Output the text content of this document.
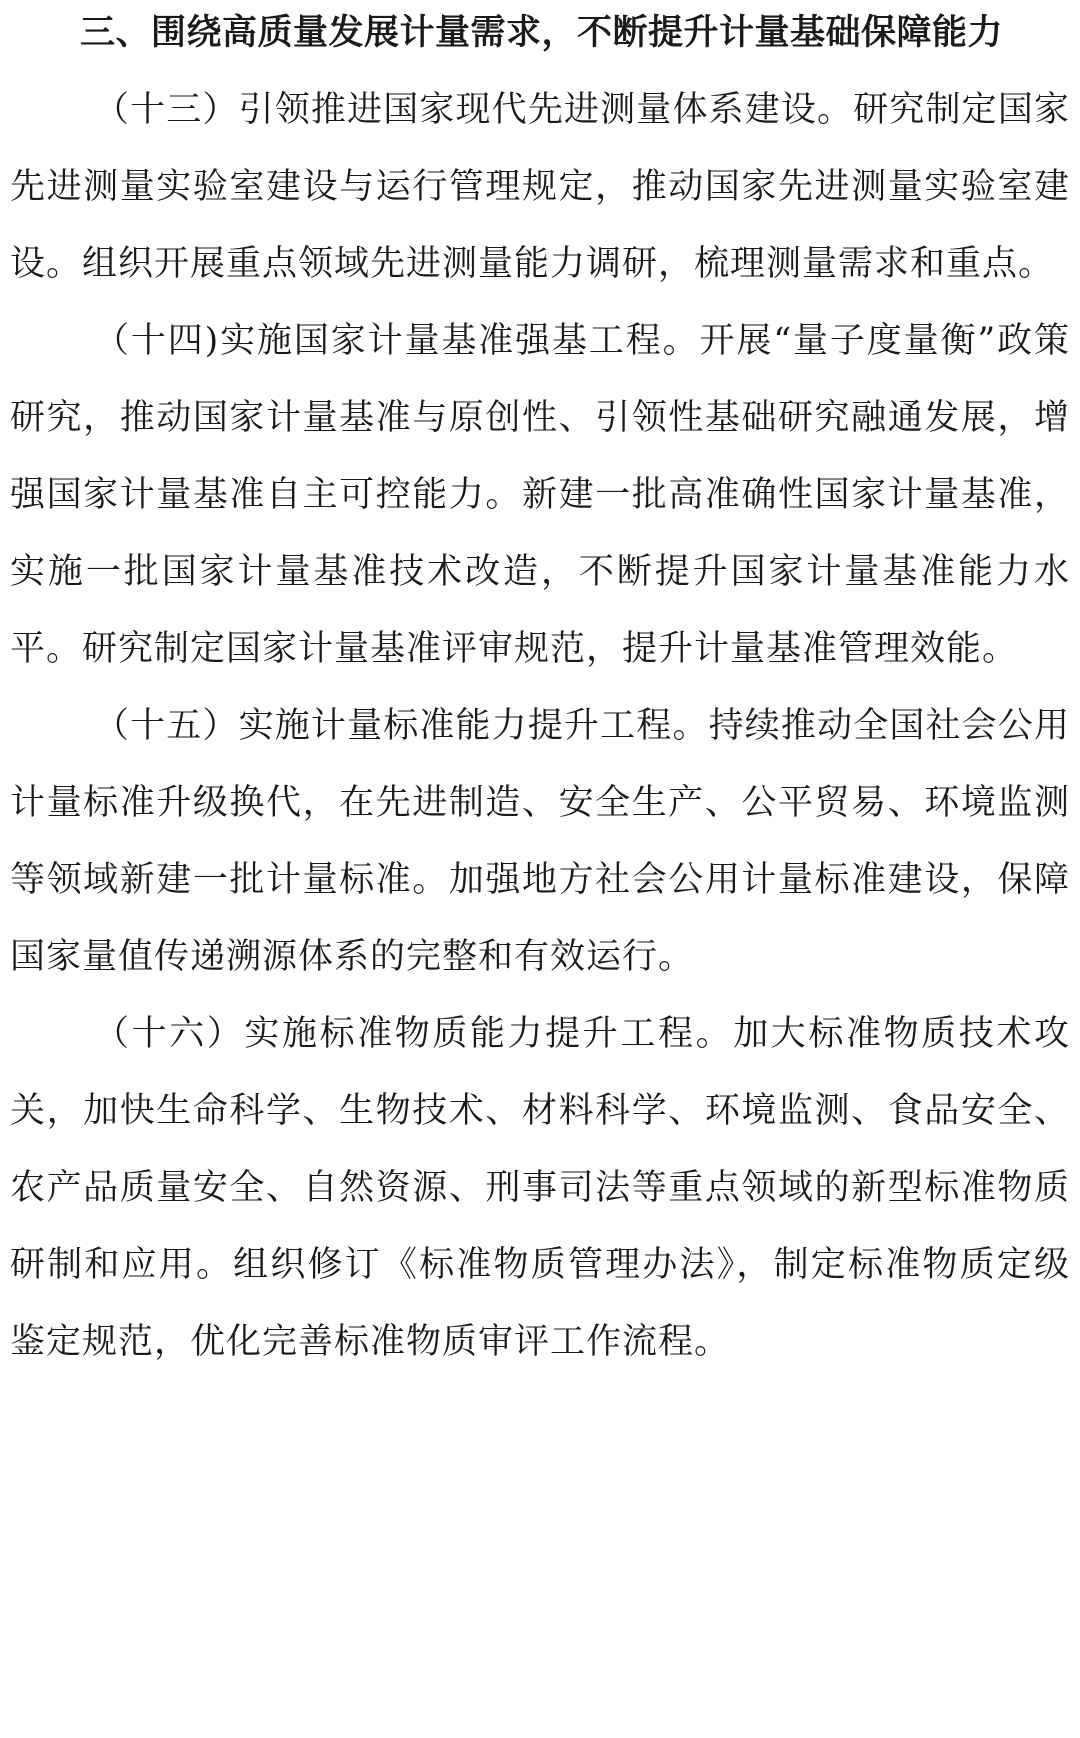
三、围绕高质量发展计量需求，不断提升计量基础保障能力

（十三）引领推进国家现代先进测量体系建设。研究制定国家先进测量实验室建设与运行管理规定，推动国家先进测量实验室建设。组织开展重点领域先进测量能力调研，梳理测量需求和重点。

（十四)实施国家计量基准强基工程。开展“量子度量衡”政策研究，推动国家计量基准与原创性、引领性基础研究融通发展，增强国家计量基准自主可控能力。新建一批高准确性国家计量基准，实施一批国家计量基准技术改造，不断提升国家计量基准能力水平。研究制定国家计量基准评审规范，提升计量基准管理效能。

（十五）实施计量标准能力提升工程。持续推动全国社会公用计量标准升级换代，在先进制造、安全生产、公平贸易、环境监测等领域新建一批计量标准。加强地方社会公用计量标准建设，保障国家量值传递溯源体系的完整和有效运行。

（十六）实施标准物质能力提升工程。加大标准物质技术攻关，加快生命科学、生物技术、材料科学、环境监测、食品安全、农产品质量安全、自然资源、刑事司法等重点领域的新型标准物质研制和应用。组织修订《标准物质管理办法》，制定标准物质定级鉴定规范，优化完善标准物质审评工作流程。
